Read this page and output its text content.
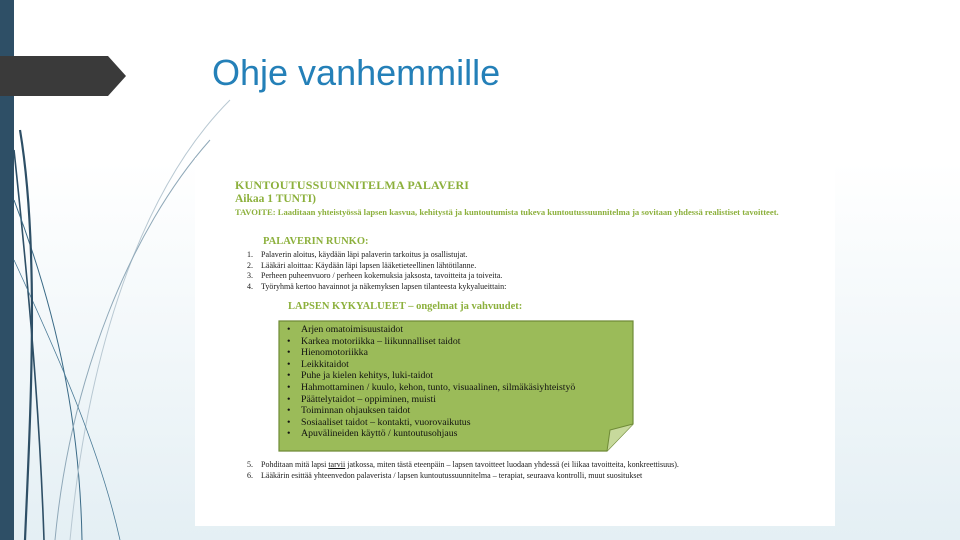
Ohje vanhemmille
KUNTOUTUSSUUNNITELMA PALAVERI
Aikaa 1 TUNTI)
TAVOITE: Laaditaan yhteistyössä lapsen kasvua, kehitystä ja kuntoutumista tukeva kuntoutussuunnitelma ja sovitaan yhdessä realistiset tavoitteet.
PALAVERIN RUNKO:
1.	Palaverin aloitus, käydään läpi palaverin tarkoitus ja osallistujat.
2.	Lääkäri aloittaa: Käydään läpi lapsen lääketieteellinen lähtötilanne.
3.	Perheen puheenvuoro / perheen kokemuksia jaksosta, tavoitteita ja toiveita.
4.	Työryhmä kertoo havainnot ja näkemyksen lapsen tilanteesta kykyalueittain:
LAPSEN KYKYALUEET – ongelmat ja vahvuudet:
• Arjen omatoimisuustaidot
• Karkea motoriikka – liikunnalliset taidot
• Hienomotoriikka
• Leikkitaidot
• Puhe ja kielen kehitys, luki-taidot
• Hahmottaminen / kuulo, kehon, tunto, visuaalinen, silmäkäsiyhteistyö
• Päättelytaidot – oppiminen, muisti
• Toiminnan ohjauksen taidot
• Sosiaaliset taidot – kontakti, vuorovaikutus
• Apuvälineiden käyttö / kuntoutusohjaus
5.	Pohditaan mitä lapsi tarvii jatkossa, miten tästä eteenpäin – lapsen tavoitteet luodaan yhdessä (ei liikaa tavoitteita, konkreettisuus).
6.	Lääkärin esittää yhteenvedon palaverista / lapsen kuntoutussuunnitelma – terapiat, seuraava kontrolli, muut suositukset
